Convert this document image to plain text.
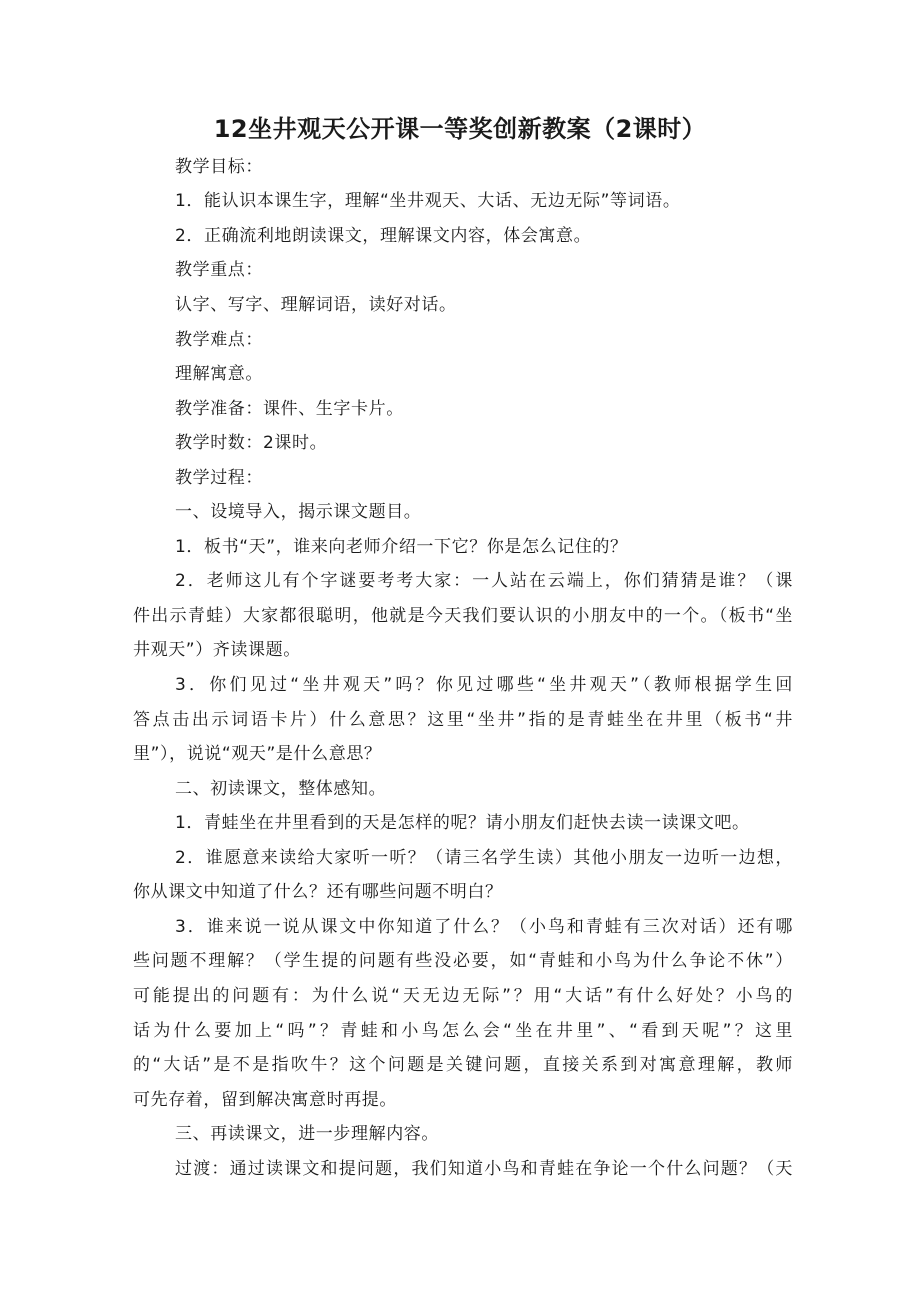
12坐井观天公开课一等奖创新教案（2课时）
教学目标：
1．能认识本课生字，理解“坐井观天、大话、无边无际”等词语。
2．正确流利地朗读课文，理解课文内容，体会寓意。
教学重点：
认字、写字、理解词语，读好对话。
教学难点：
理解寓意。
教学准备：课件、生字卡片。
教学时数：2课时。
教学过程：
一、设境导入，揭示课文题目。
1．板书“天”，谁来向老师介绍一下它？你是怎么记住的？
2．老师这儿有个字谜要考考大家：一人站在云端上，你们猜猜是谁？（课
件出示青蛙）大家都很聪明，他就是今天我们要认识的小朋友中的一个。（板书“坐
井观天”）齐读课题。
3．你们见过“坐井观天”吗？你见过哪些“坐井观天”（教师根据学生回
答点击出示词语卡片）什么意思？这里“坐井”指的是青蛙坐在井里（板书“井
里”），说说“观天”是什么意思？
二、初读课文，整体感知。
1．青蛙坐在井里看到的天是怎样的呢？请小朋友们赶快去读一读课文吧。
2．谁愿意来读给大家听一听？（请三名学生读）其他小朋友一边听一边想，
你从课文中知道了什么？还有哪些问题不明白？
3．谁来说一说从课文中你知道了什么？（小鸟和青蛙有三次对话）还有哪
些问题不理解？（学生提的问题有些没必要，如“青蛙和小鸟为什么争论不休”）
可能提出的问题有：为什么说“天无边无际”？用“大话”有什么好处？小鸟的
话为什么要加上“吗”？青蛙和小鸟怎么会“坐在井里”、“看到天呢”？这里
的“大话”是不是指吹牛？这个问题是关键问题，直接关系到对寓意理解，教师
可先存着，留到解决寓意时再提。
三、再读课文，进一步理解内容。
过渡：通过读课文和提问题，我们知道小鸟和青蛙在争论一个什么问题？（天
